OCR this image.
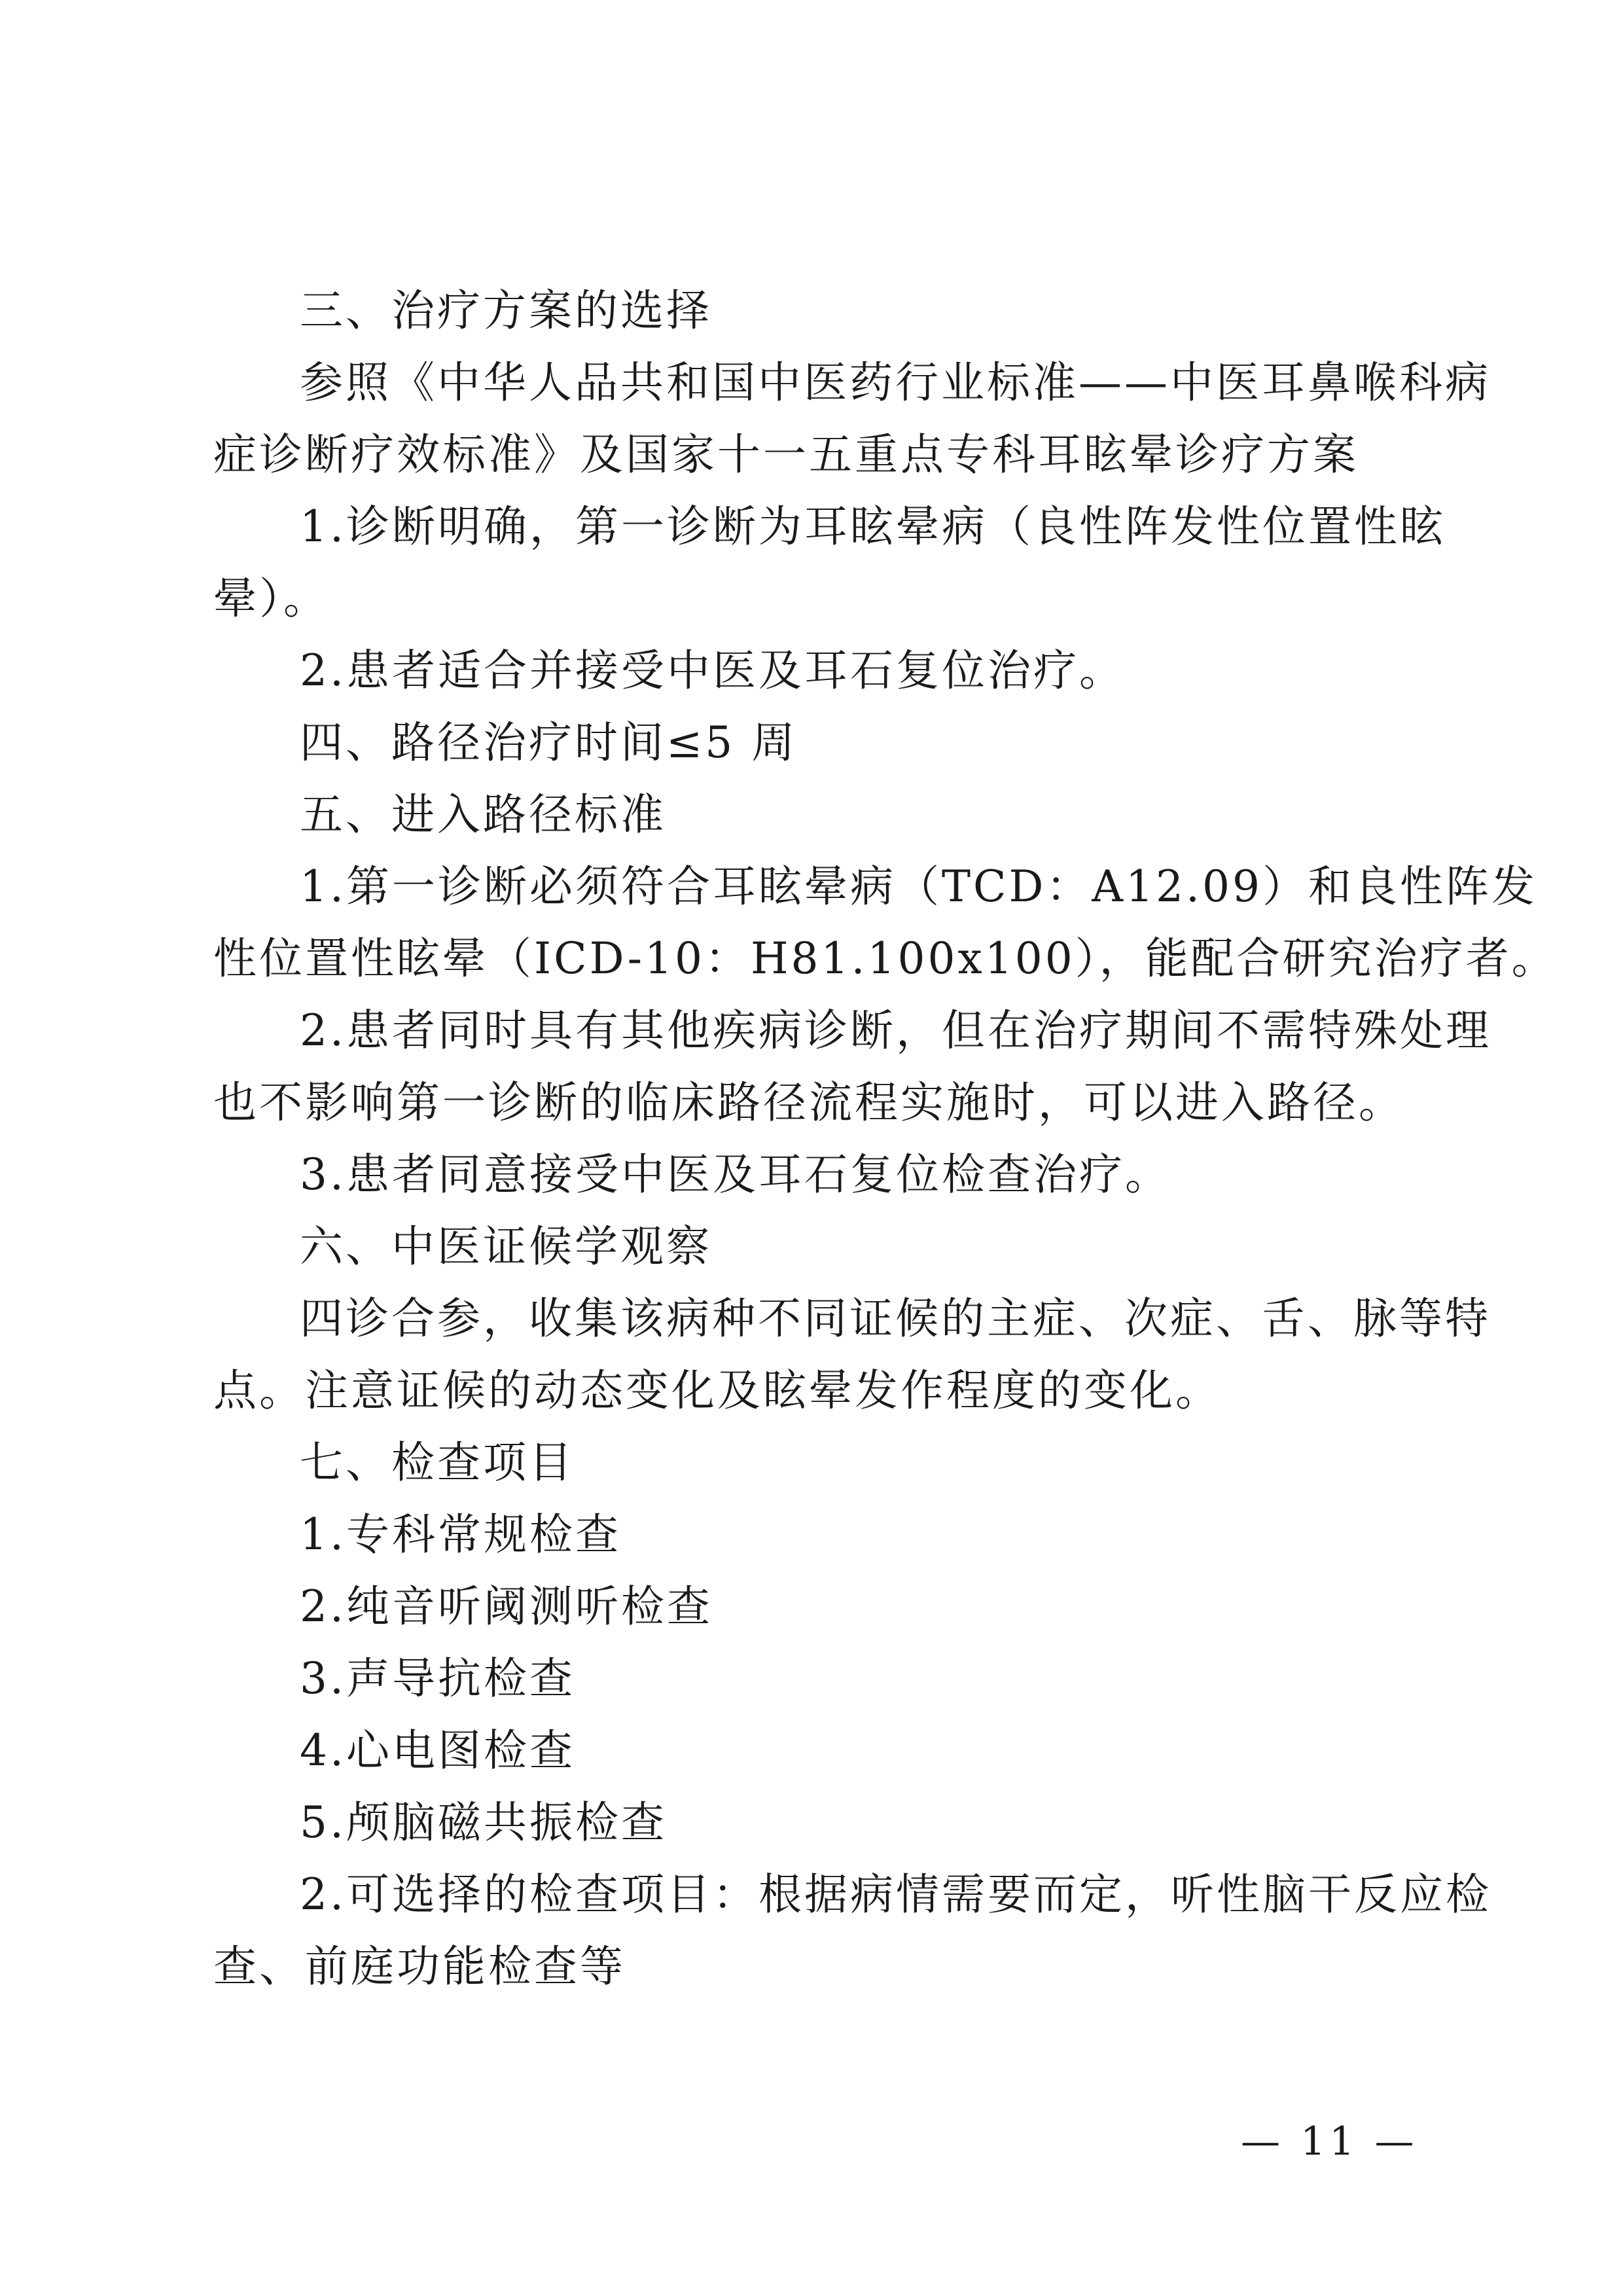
三、治疗方案的选择
参照《中华人品共和国中医药行业标准——中医耳鼻喉科病
症诊断疗效标准》及国家十一五重点专科耳眩晕诊疗方案
1.诊断明确，第一诊断为耳眩晕病（良性阵发性位置性眩
晕）。
2.患者适合并接受中医及耳石复位治疗。
四、路径治疗时间≤5 周
五、进入路径标准
1.第一诊断必须符合耳眩晕病（TCD：A12.09）和良性阵发
性位置性眩晕（ICD-10：H81.100x100），能配合研究治疗者。
2.患者同时具有其他疾病诊断，但在治疗期间不需特殊处理
也不影响第一诊断的临床路径流程实施时，可以进入路径。
3.患者同意接受中医及耳石复位检查治疗。
六、中医证候学观察
四诊合参，收集该病种不同证候的主症、次症、舌、脉等特
点。注意证候的动态变化及眩晕发作程度的变化。
七、检查项目
1.专科常规检查
2.纯音听阈测听检查
3.声导抗检查
4.心电图检查
5.颅脑磁共振检查
2.可选择的检查项目：根据病情需要而定，听性脑干反应检
查、前庭功能检查等
— 11 —
